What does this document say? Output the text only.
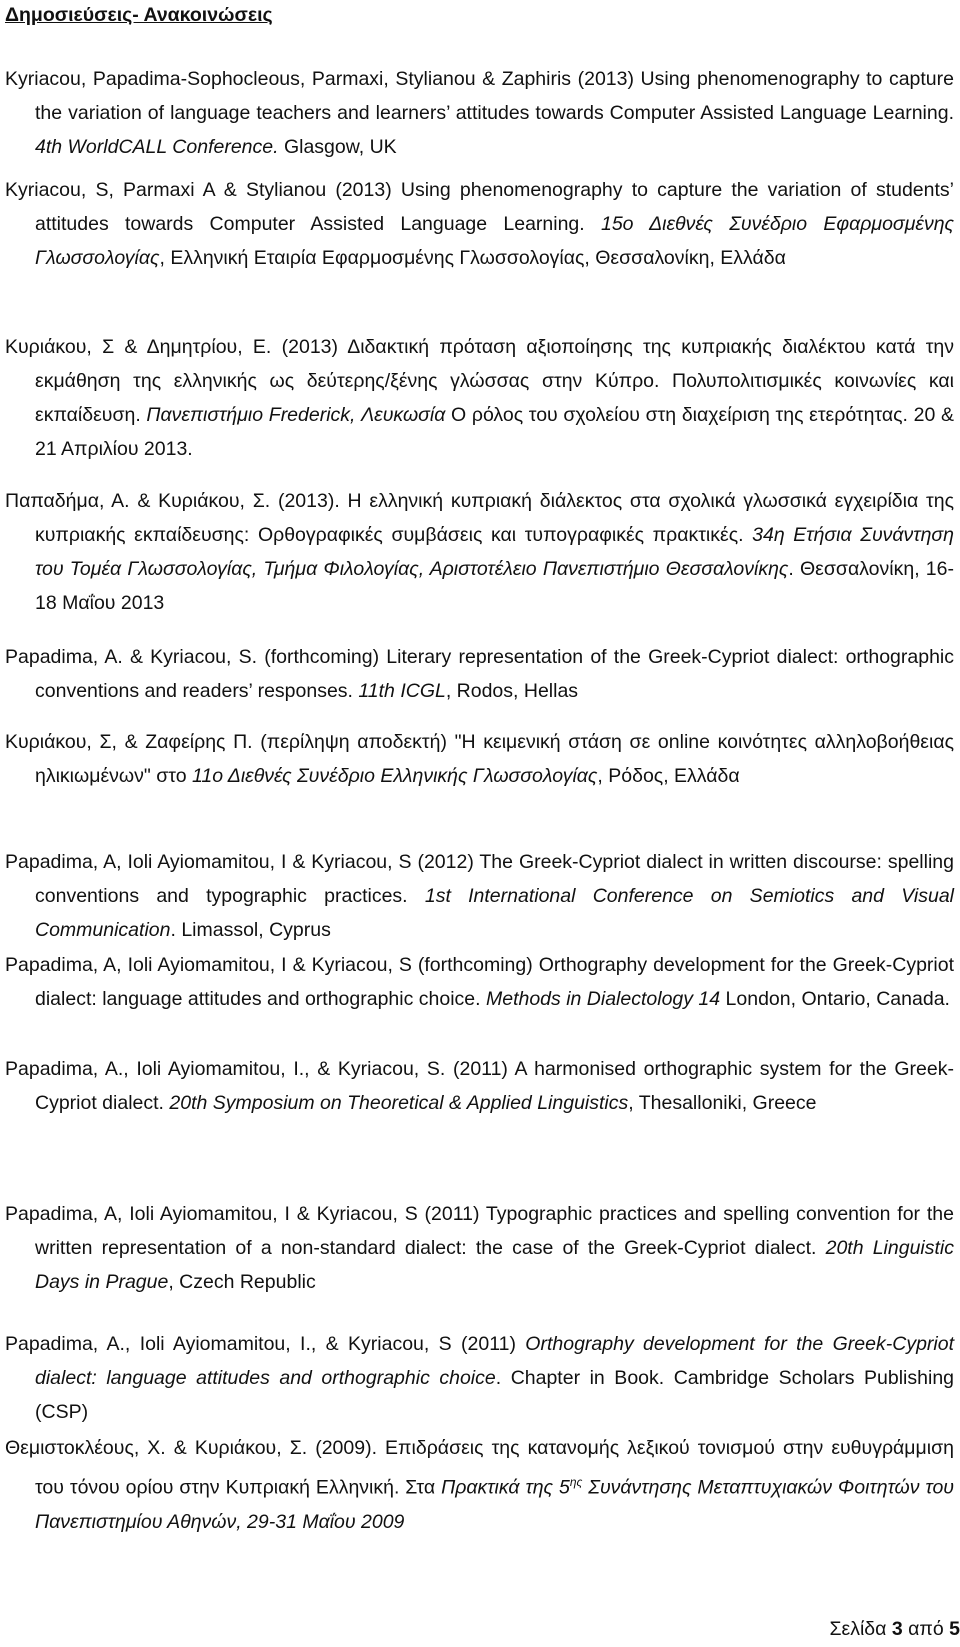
Δημοσιεύσεις- Ανακοινώσεις
Kyriacou, Papadima-Sophocleous, Parmaxi, Stylianou & Zaphiris (2013) Using phenomenography to capture the variation of language teachers and learners’ attitudes towards Computer Assisted Language Learning. 4th WorldCALL Conference. Glasgow, UK
Kyriacou, S, Parmaxi A & Stylianou (2013) Using phenomenography to capture the variation of students’ attitudes towards Computer Assisted Language Learning. 15ο Διεθνές Συνέδριο Εφαρμοσμένης Γλωσσολογίας, Ελληνική Εταιρία Εφαρμοσμένης Γλωσσολογίας, Θεσσαλονίκη, Ελλάδα
Κυριάκου, Σ & Δημητρίου, Ε. (2013) Διδακτική πρόταση αξιοποίησης της κυπριακής διαλέκτου κατά την εκμάθηση της ελληνικής ως δεύτερης/ξένης γλώσσας στην Κύπρο. Πολυπολιτισμικές κοινωνίες και εκπαίδευση. Πανεπιστήμιο Frederick, Λευκωσία Ο ρόλος του σχολείου στη διαχείριση της ετερότητας. 20 & 21 Απριλίου 2013.
Παπαδήμα, Α. & Κυριάκου, Σ. (2013). Η ελληνική κυπριακή διάλεκτος στα σχολικά γλωσσικά εγχειρίδια της κυπριακής εκπαίδευσης: Ορθογραφικές συμβάσεις και τυπογραφικές πρακτικές. 34η Ετήσια Συνάντηση του Τομέα Γλωσσολογίας, Τμήμα Φιλολογίας, Αριστοτέλειο Πανεπιστήμιο Θεσσαλονίκης. Θεσσαλονίκη, 16-18 Μαΐου 2013
Papadima, A. & Kyriacou, S. (forthcoming) Literary representation of the Greek-Cypriot dialect: orthographic conventions and readers’ responses. 11th ICGL, Rodos, Hellas
Κυριάκου, Σ, & Ζαφείρης Π. (περίληψη αποδεκτή) "Η κειμενική στάση σε online κοινότητες αλληλοβοήθειας ηλικιωμένων" στο 11ο Διεθνές Συνέδριο Ελληνικής Γλωσσολογίας, Ρόδος, Ελλάδα
Papadima, A, Ioli Ayiomamitou, I & Kyriacou, S (2012) The Greek-Cypriot dialect in written discourse: spelling conventions and typographic practices. 1st International Conference on Semiotics and Visual Communication. Limassol, Cyprus
Papadima, A, Ioli Ayiomamitou, I & Kyriacou, S (forthcoming) Orthography development for the Greek-Cypriot dialect: language attitudes and orthographic choice. Methods in Dialectology 14 London, Ontario, Canada.
Papadima, A., Ioli Ayiomamitou, I., & Kyriacou, S. (2011) A harmonised orthographic system for the Greek-Cypriot dialect. 20th Symposium on Theoretical & Applied Linguistics, Thesalloniki, Greece
Papadima, A, Ioli Ayiomamitou, I & Kyriacou, S (2011) Typographic practices and spelling convention for the written representation of a non-standard dialect: the case of the Greek-Cypriot dialect. 20th Linguistic Days in Prague, Czech Republic
Papadima, A., Ioli Ayiomamitou, I., & Kyriacou, S (2011) Orthography development for the Greek-Cypriot dialect: language attitudes and orthographic choice. Chapter in Book. Cambridge Scholars Publishing (CSP)
Θεμιστοκλέους, Χ. & Κυριάκου, Σ. (2009). Επιδράσεις της κατανομής λεξικού τονισμού στην ευθυγράμμιση του τόνου ορίου στην Κυπριακή Ελληνική. Στα Πρακτικά της $5^{\eta\varsigma}$ Συνάντησης Μεταπτυχιακών Φοιτητών του Πανεπιστημίου Αθηνών, 29-31 Μαΐου 2009
Σελίδα 3 από 5
